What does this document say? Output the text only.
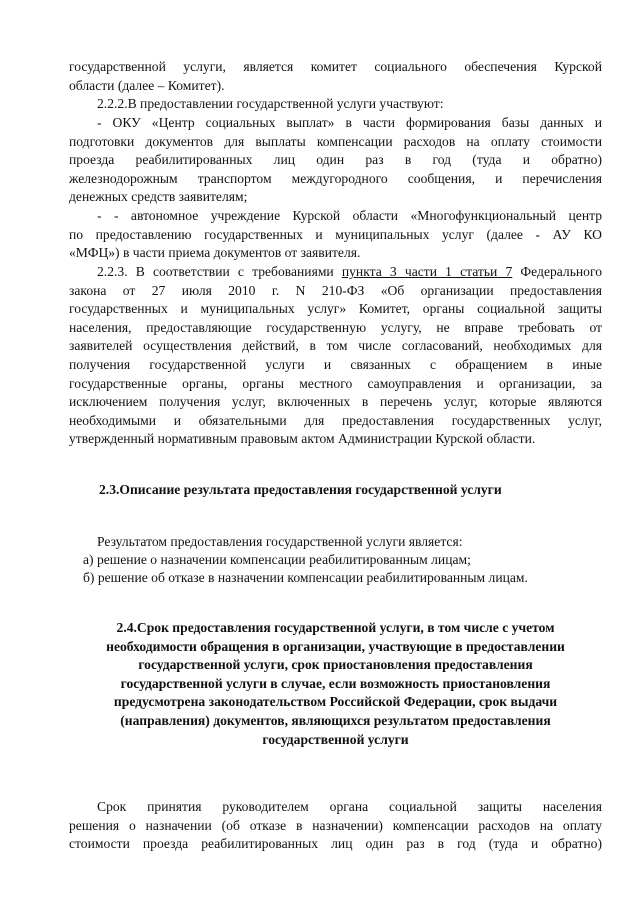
государственной услуги, является комитет социального обеспечения Курской
области (далее – Комитет).
2.2.2.В предоставлении государственной услуги участвуют:
- ОКУ «Центр социальных выплат» в части формирования базы данных и
подготовки документов для выплаты компенсации расходов на оплату стоимости
проезда реабилитированных лиц один раз в год (туда и обратно)
железнодорожным транспортом междугородного сообщения, и перечисления
денежных средств заявителям;
- - автономное учреждение Курской области «Многофункциональный центр
по предоставлению государственных и муниципальных услуг (далее - АУ КО
«МФЦ») в части приема документов от заявителя.
2.2.3. В соответствии с требованиями пункта 3 части 1 статьи 7 Федерального
закона от 27 июля 2010 г. N 210-ФЗ «Об организации предоставления
государственных и муниципальных услуг» Комитет, органы социальной защиты
населения, предоставляющие государственную услугу, не вправе требовать от
заявителей осуществления действий, в том числе согласований, необходимых для
получения государственной услуги и связанных с обращением в иные
государственные органы, органы местного самоуправления и организации, за
исключением получения услуг, включенных в перечень услуг, которые являются
необходимыми и обязательными для предоставления государственных услуг,
утвержденный нормативным правовым актом Администрации Курской области.
2.3.Описание результата предоставления государственной услуги
Результатом предоставления государственной услуги является:
а) решение о назначении компенсации реабилитированным лицам;
б) решение об отказе в назначении компенсации реабилитированным лицам.
2.4.Срок предоставления государственной услуги, в том числе с учетом
необходимости обращения в организации, участвующие в предоставлении
государственной услуги, срок приостановления предоставления
государственной услуги в случае, если возможность приостановления
предусмотрена законодательством Российской Федерации, срок выдачи
(направления) документов, являющихся результатом предоставления
государственной услуги
Срок принятия руководителем органа социальной защиты населения
решения о назначении (об отказе в назначении) компенсации расходов на оплату
стоимости проезда реабилитированных лиц один раз в год (туда и обратно)
